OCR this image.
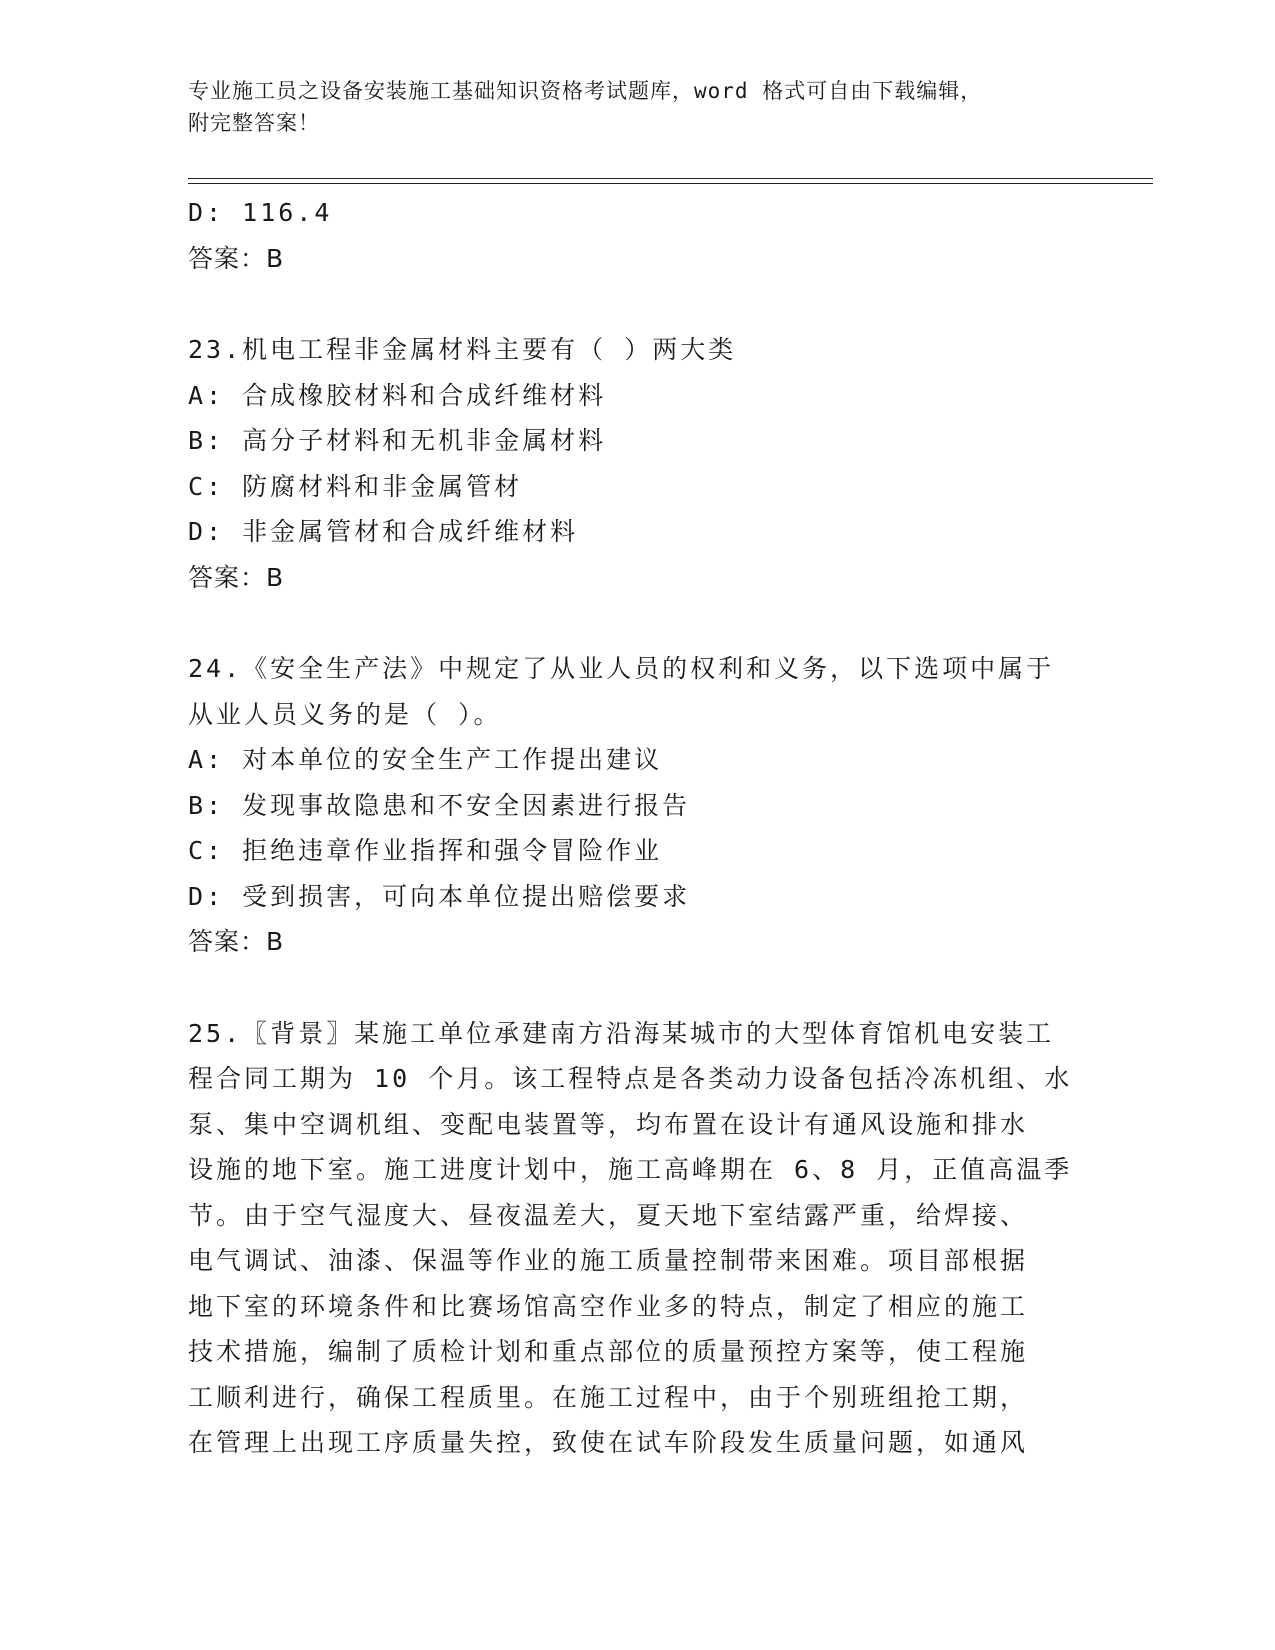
专业施工员之设备安装施工基础知识资格考试题库，word 格式可自由下载编辑，
附完整答案！
D: 116.4
答案：B
23.机电工程非金属材料主要有（ ）两大类
A: 合成橡胶材料和合成纤维材料
B: 高分子材料和无机非金属材料
C: 防腐材料和非金属管材
D: 非金属管材和合成纤维材料
答案：B
24.《安全生产法》中规定了从业人员的权利和义务，以下选项中属于
从业人员义务的是（ ）。
A: 对本单位的安全生产工作提出建议
B: 发现事故隐患和不安全因素进行报告
C: 拒绝违章作业指挥和强令冒险作业
D: 受到损害，可向本单位提出赔偿要求
答案：B
25.〖背景〗某施工单位承建南方沿海某城市的大型体育馆机电安装工
程合同工期为 10 个月。该工程特点是各类动力设备包括冷冻机组、水
泵、集中空调机组、变配电装置等，均布置在设计有通风设施和排水
设施的地下室。施工进度计划中，施工高峰期在 6、8 月，正值高温季
节。由于空气湿度大、昼夜温差大，夏天地下室结露严重，给焊接、
电气调试、油漆、保温等作业的施工质量控制带来困难。项目部根据
地下室的环境条件和比赛场馆高空作业多的特点，制定了相应的施工
技术措施，编制了质检计划和重点部位的质量预控方案等，使工程施
工顺利进行，确保工程质里。在施工过程中，由于个别班组抢工期，
在管理上出现工序质量失控，致使在试车阶段发生质量问题，如通风
